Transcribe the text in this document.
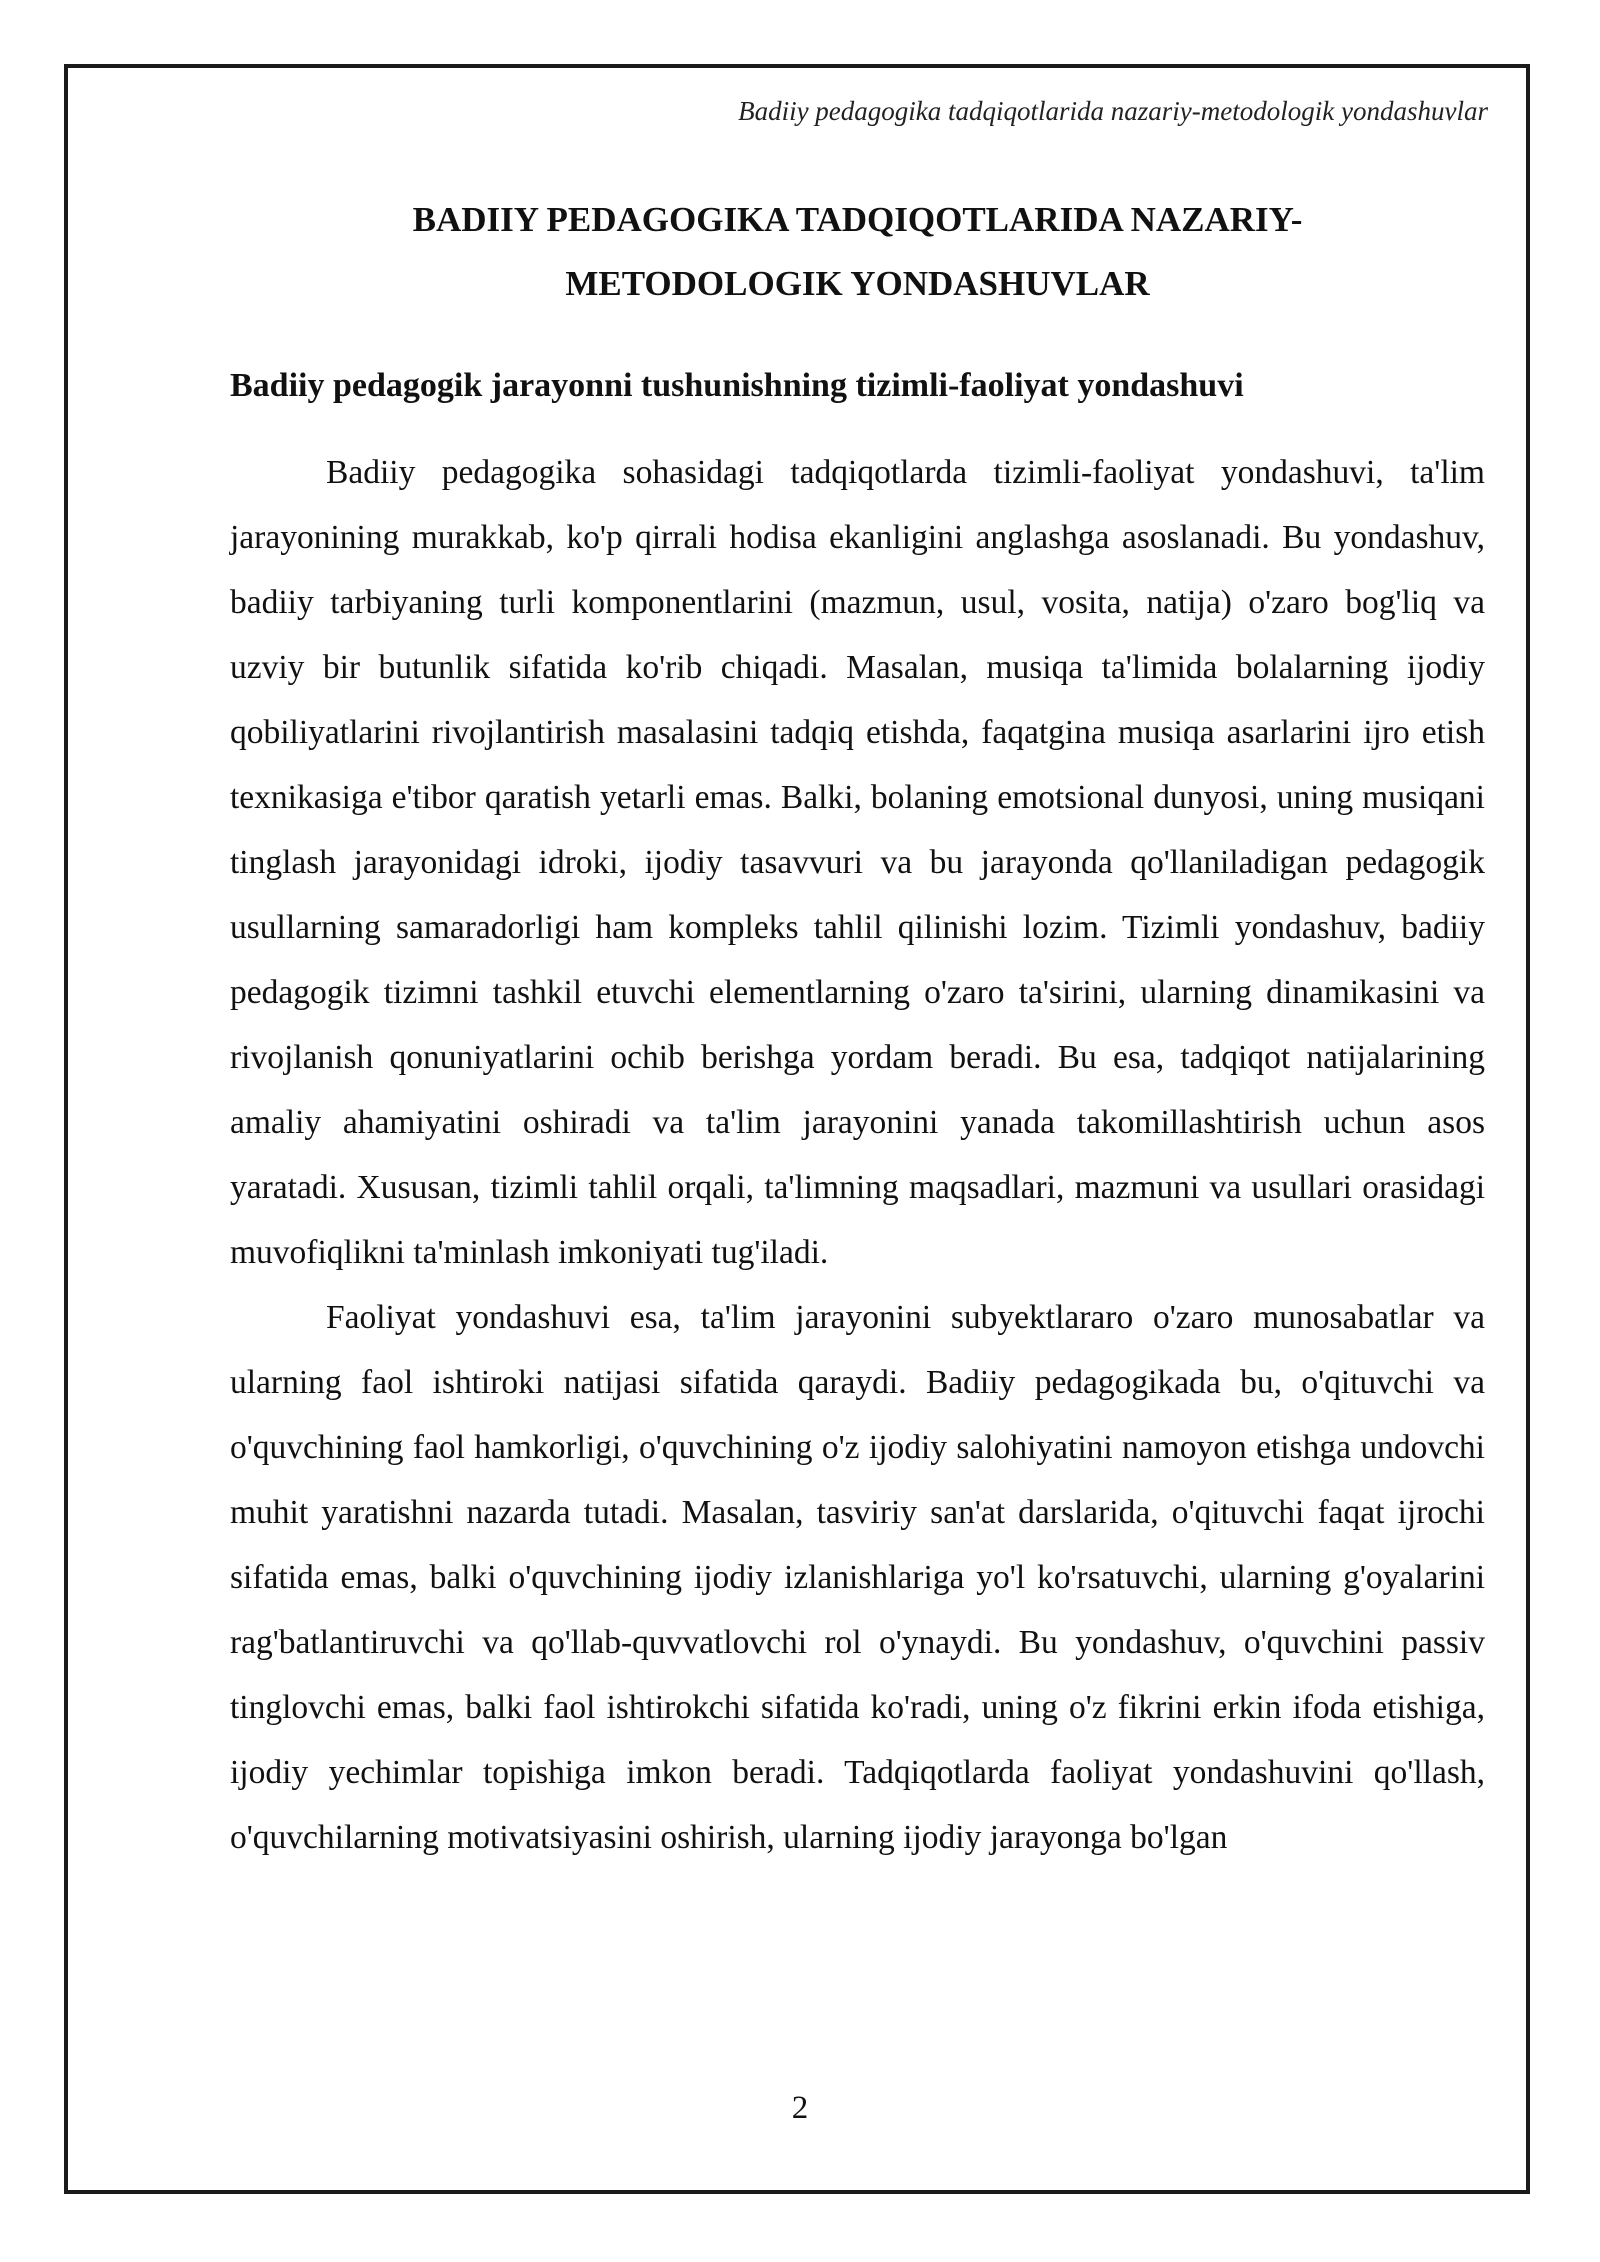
Badiiy pedagogika tadqiqotlarida nazariy-metodologik yondashuvlar
BADIIY PEDAGOGIKA TADQIQOTLARIDA NAZARIY-
METODOLOGIK YONDASHUVLAR
Badiiy pedagogik jarayonni tushunishning tizimli-faoliyat yondashuvi

Badiiy pedagogika sohasidagi tadqiqotlarda tizimli-faoliyat yondashuvi, ta'lim jarayonining murakkab, ko'p qirrali hodisa ekanligini anglashga asoslanadi. Bu yondashuv, badiiy tarbiyaning turli komponentlarini (mazmun, usul, vosita, natija) o'zaro bog'liq va uzviy bir butunlik sifatida ko'rib chiqadi. Masalan, musiqa ta'limida bolalarning ijodiy qobiliyatlarini rivojlantirish masalasini tadqiq etishda, faqatgina musiqa asarlarini ijro etish texnikasiga e'tibor qaratish yetarli emas. Balki, bolaning emotsional dunyosi, uning musiqani tinglash jarayonidagi idroki, ijodiy tasavvuri va bu jarayonda qo'llaniladigan pedagogik usullarning samaradorligi ham kompleks tahlil qilinishi lozim. Tizimli yondashuv, badiiy pedagogik tizimni tashkil etuvchi elementlarning o'zaro ta'sirini, ularning dinamikasini va rivojlanish qonuniyatlarini ochib berishga yordam beradi. Bu esa, tadqiqot natijalarining amaliy ahamiyatini oshiradi va ta'lim jarayonini yanada takomillashtirish uchun asos yaratadi. Xususan, tizimli tahlil orqali, ta'limning maqsadlari, mazmuni va usullari orasidagi muvofiqlikni ta'minlash imkoniyati tug'iladi.

Faoliyat yondashuvi esa, ta'lim jarayonini subyektlararo o'zaro munosabatlar va ularning faol ishtiroki natijasi sifatida qaraydi. Badiiy pedagogikada bu, o'qituvchi va o'quvchining faol hamkorligi, o'quvchining o'z ijodiy salohiyatini namoyon etishga undovchi muhit yaratishni nazarda tutadi. Masalan, tasviriy san'at darslarida, o'qituvchi faqat ijrochi sifatida emas, balki o'quvchining ijodiy izlanishlariga yo'l ko'rsatuvchi, ularning g'oyalarini rag'batlantiruvchi va qo'llab-quvvatlovchi rol o'ynaydi. Bu yondashuv, o'quvchini passiv tinglovchi emas, balki faol ishtirokchi sifatida ko'radi, uning o'z fikrini erkin ifoda etishiga, ijodiy yechimlar topishiga imkon beradi. Tadqiqotlarda faoliyat yondashuvini qo'llash, o'quvchilarning motivatsiyasini oshirish, ularning ijodiy jarayonga bo'lgan

2
